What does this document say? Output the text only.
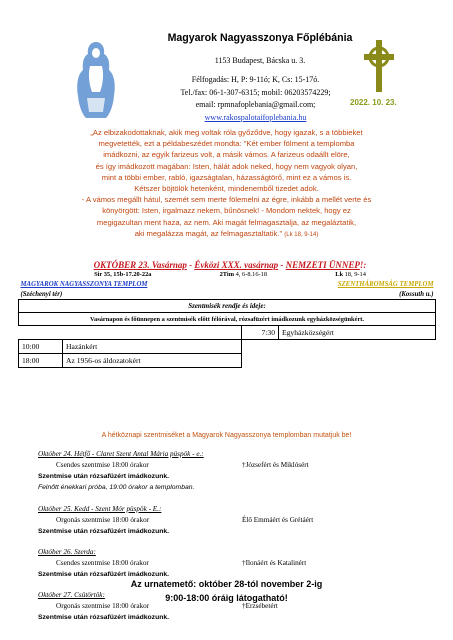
Magyarok Nagyasszonya Főplébánia
1153 Budapest, Bácska u. 3.
Félfogadás: H, P: 9-11ó; K, Cs: 15-17ó.
Tel./fax: 06-1-307-6315; mobil: 06203574229;
email: rpmnafoplebania@gmail.com;
www.rakospalotaifoplebania.hu
2022. 10. 23.
„Az elbizakodottaknak, akik meg voltak róla győződve, hogy igazak, s a többieket
megvetették, ezt a példabeszédet mondta: "Két ember fölment a templomba
imádkozni, az egyik farizeus volt, a másik vámos. A farizeus odaállt elöre,
és így imádkozott magában: Isten, hálát adok neked, hogy nem vagyok olyan,
mint a többi ember, rabló, igazságtalan, házasságtörő, mint ez a vámos is.
Kétszer böjtölök hetenként, mindenemből tizedet adok.
- A vámos megállt hátul, szemét sem merte fölemelni az égre, inkább a mellét verte és
könyörgött: Isten, irgalmazz nekem, bűnösnek! - Mondom nektek, hogy ez
megigazultan ment haza, az nem. Aki magát felmagasztalja, az megaláztatik,
aki megalázza magát, az felmagasztaltatik." (Lk 18, 9-14)
OKTÓBER 23. Vasárnap - Évközi XXX. vasárnap - NEMZETI ÜNNEP!:
Sir 35, 15b-17.20-22a	2Tim 4, 6-8.16-18	Lk 18, 9-14
MAGYAROK NAGYASSZONYA TEMPLOM		SZENTHÁROMSÁG TEMPLOM	
(Széchenyi tér)		(Kossuth u.)	
Szentmisék rendje és ideje:			
Vasárnapon és főünnepen a szentmisék előtt félórával, rózsafüzért imádkozunk egyházközségünkért.			
		7:30	Egyházközségért
10:00	Hazánkért		
18:00	Az 1956-os áldozatokért		
A hétköznapi szentmiséket a Magyarok Nagyasszonya templomban mutatjuk be!
Október 24. Hétfő - Claret Szent Antal Mária püspök - e.:
Csendes szentmise 18:00 órakor	†Józsefért és Miklósért
Szentmise után rózsafüzért imádkozunk.
Felnőtt énekkari próba, 19:00 órakor a templomban.
Október 25. Kedd - Szent Mór püspök - E.:
Orgonás szentmise 18:00 órakor	Élő Emmáért és Grétáért
Szentmise után rózsafüzért imádkozunk.
Október 26. Szerda:
Csendes szentmise 18:00 órakor	†Ilonáért és Katalinért
Szentmise után rózsafüzért imádkozunk.
Október 27. Csütörtök:
Orgonás szentmise 18:00 órakor	†Erzsébetért
Szentmise után rózsafüzért imádkozunk.
Az urnatemető: október 28-tól november 2-ig
9:00-18:00 óráig látogatható!
